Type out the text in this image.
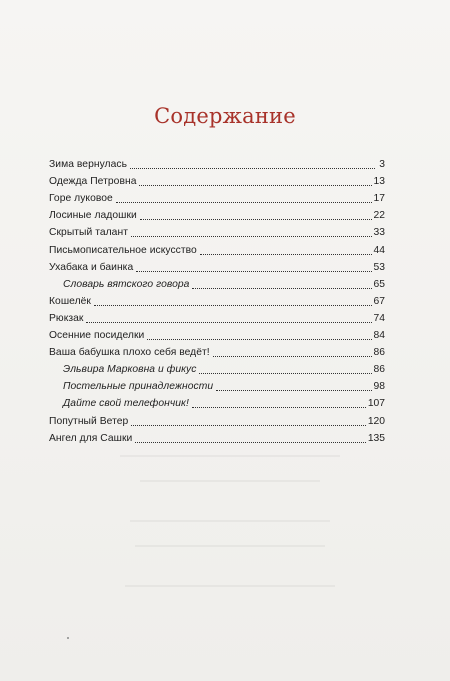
Содержание
Зима вернулась	3
Одежда Петровна	13
Горе луковое	17
Лосиные ладошки	22
Скрытый талант	33
Письмописательное искусство	44
Ухабака и баинка	53
Словарь вятского говора	65
Кошелёк	67
Рюкзак	74
Осенние посиделки	84
Ваша бабушка плохо себя ведёт!	86
Эльвира Марковна и фикус	86
Постельные принадлежности	98
Дайте свой телефончик!	107
Попутный Ветер	120
Ангел для Сашки	135
